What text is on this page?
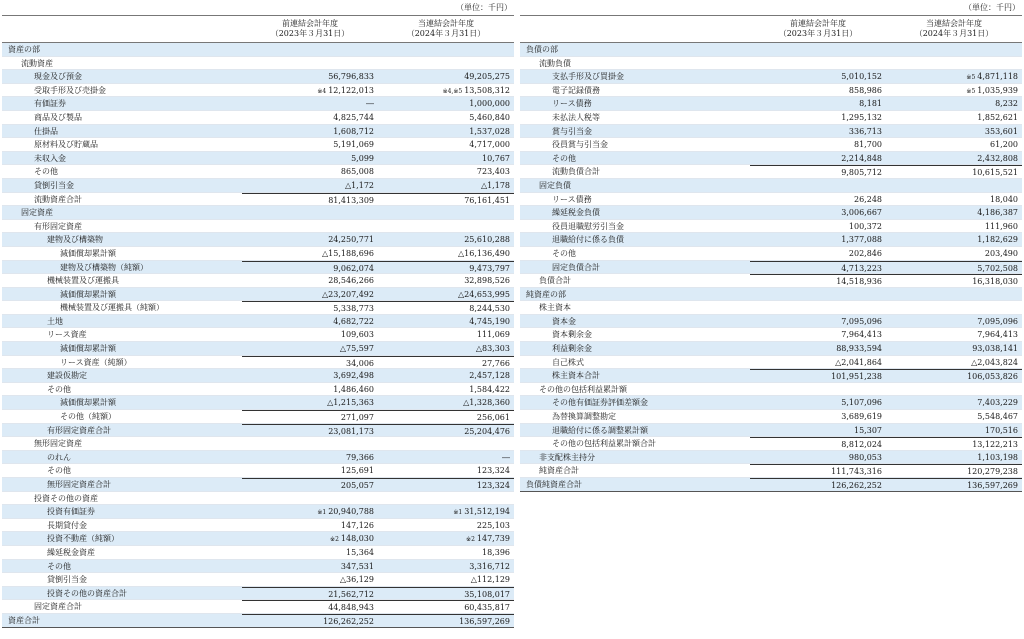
（単位：千円）
前連結会計年度
（2023年３月31日）
当連結会計年度
（2024年３月31日）
資産の部
流動資産
現金及び預金	56,796,833	49,205,275
受取手形及び売掛金	※4 12,122,013	※4,※5 13,508,312
有価証券	―	1,000,000
商品及び製品	4,825,744	5,460,840
仕掛品	1,608,712	1,537,028
原材料及び貯蔵品	5,191,069	4,717,000
未収入金	5,099	10,767
その他	865,008	723,403
貸倒引当金	△1,172	△1,178
流動資産合計	81,413,309	76,161,451
固定資産
有形固定資産
建物及び構築物	24,250,771	25,610,288
減価償却累計額	△15,188,696	△16,136,490
建物及び構築物（純額）	9,062,074	9,473,797
機械装置及び運搬具	28,546,266	32,898,526
減価償却累計額	△23,207,492	△24,653,995
機械装置及び運搬具（純額）	5,338,773	8,244,530
土地	4,682,722	4,745,190
リース資産	109,603	111,069
減価償却累計額	△75,597	△83,303
リース資産（純額）	34,006	27,766
建設仮勘定	3,692,498	2,457,128
その他	1,486,460	1,584,422
減価償却累計額	△1,215,363	△1,328,360
その他（純額）	271,097	256,061
有形固定資産合計	23,081,173	25,204,476
無形固定資産
のれん	79,366	―
その他	125,691	123,324
無形固定資産合計	205,057	123,324
投資その他の資産
投資有価証券	※1 20,940,788	※1 31,512,194
長期貸付金	147,126	225,103
投資不動産（純額）	※2 148,030	※2 147,739
繰延税金資産	15,364	18,396
その他	347,531	3,316,712
貸倒引当金	△36,129	△112,129
投資その他の資産合計	21,562,712	35,108,017
固定資産合計	44,848,943	60,435,817
資産合計	126,262,252	136,597,269
（単位：千円）
前連結会計年度
（2023年３月31日）
当連結会計年度
（2024年３月31日）
負債の部
流動負債
支払手形及び買掛金	5,010,152	※5 4,871,118
電子記録債務	858,986	※5 1,035,939
リース債務	8,181	8,232
未払法人税等	1,295,132	1,852,621
賞与引当金	336,713	353,601
役員賞与引当金	81,700	61,200
その他	2,214,848	2,432,808
流動負債合計	9,805,712	10,615,521
固定負債
リース債務	26,248	18,040
繰延税金負債	3,006,667	4,186,387
役員退職慰労引当金	100,372	111,960
退職給付に係る負債	1,377,088	1,182,629
その他	202,846	203,490
固定負債合計	4,713,223	5,702,508
負債合計	14,518,936	16,318,030
純資産の部
株主資本
資本金	7,095,096	7,095,096
資本剰余金	7,964,413	7,964,413
利益剰余金	88,933,594	93,038,141
自己株式	△2,041,864	△2,043,824
株主資本合計	101,951,238	106,053,826
その他の包括利益累計額
その他有価証券評価差額金	5,107,096	7,403,229
為替換算調整勘定	3,689,619	5,548,467
退職給付に係る調整累計額	15,307	170,516
その他の包括利益累計額合計	8,812,024	13,122,213
非支配株主持分	980,053	1,103,198
純資産合計	111,743,316	120,279,238
負債純資産合計	126,262,252	136,597,269
